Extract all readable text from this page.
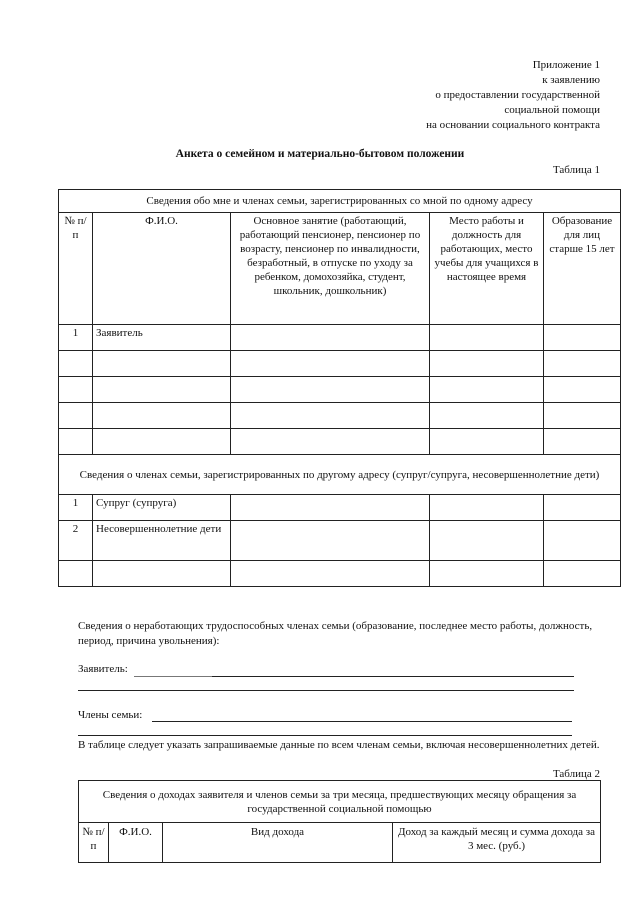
Приложение 1
к заявлению
о предоставлении государственной
социальной помощи
на основании социального контракта
Анкета о семейном и материально-бытовом положении
Таблица 1
Сведения обо мне и членах семьи, зарегистрированных со мной по одному адресу				
№ п/п	Ф.И.О.	Основное занятие (работающий, работающий пенсионер, пенсионер по возрасту, пенсионер по инвалидности, безработный, в отпуске по уходу за ребенком, домохозяйка, студент, школьник, дошкольник)	Место работы и должность для работающих, место учебы для учащихся в настоящее время	Образование для лиц старше 15 лет
1	Заявитель			

Сведения о членах семьи, зарегистрированных по другому адресу (супруг/супруга, несовершеннолетние дети)				
1	Супруг (супруга)			
2	Несовершеннолетние дети			

Сведения о неработающих трудоспособных членах семьи (образование, последнее место работы, должность, период, причина увольнения):
Заявитель:
Члены семьи:
В таблице следует указать запрашиваемые данные по всем членам семьи, включая несовершеннолетних детей.
Таблица 2
Сведения о доходах заявителя и членов семьи за три месяца, предшествующих месяцу обращения за государственной социальной помощью
№ п/п	Ф.И.О.	Вид дохода	Доход за каждый месяц и сумма дохода за 3 мес. (руб.)
